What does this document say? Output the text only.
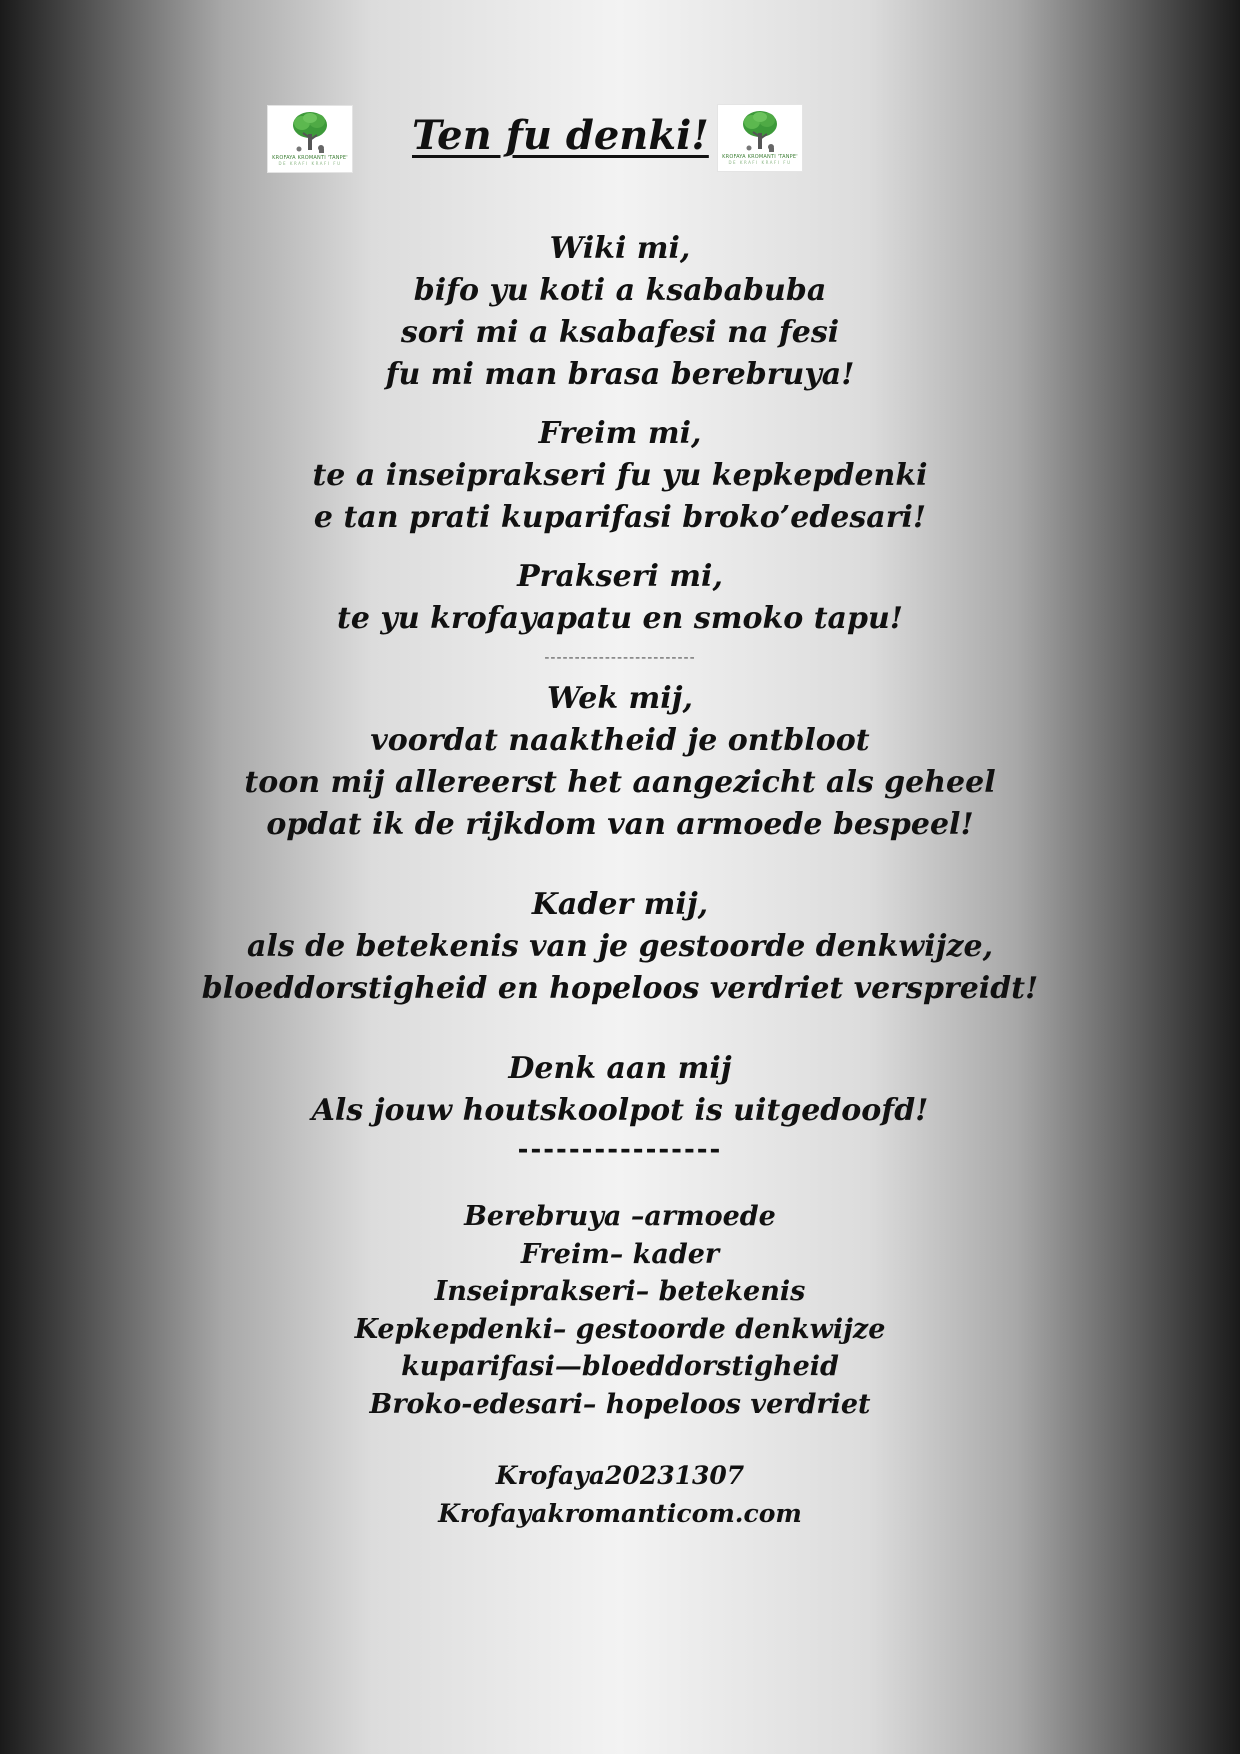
KROFAYA KROMANTI 'TANPE'
DE KRAFI KRAFI FU
Ten fu denki!	KROFAYA KROMANTI 'TANPE'
DE KRAFI KRAFI FU
Wiki mi,
bifo yu koti a ksababuba
sori mi a ksabafesi na fesi
fu mi man brasa berebruya!
Freim mi,
te a inseiprakseri fu yu kepkepdenki
e tan prati kuparifasi broko’edesari!
Prakseri mi,
te yu krofayapatu en smoko tapu!
-------------------------
Wek mij,
voordat naaktheid je ontbloot
toon mij allereerst het aangezicht als geheel
opdat ik de rijkdom van armoede bespeel!
Kader mij,
als de betekenis van je gestoorde denkwijze,
bloeddorstigheid en hopeloos verdriet verspreidt!
Denk aan mij
Als jouw houtskoolpot is uitgedoofd!
----------------
Berebruya –armoede
Freim– kader
Inseiprakseri– betekenis
Kepkepdenki– gestoorde denkwijze
kuparifasi—bloeddorstigheid
Broko-edesari– hopeloos verdriet
Krofaya20231307
Krofayakromanticom.com
